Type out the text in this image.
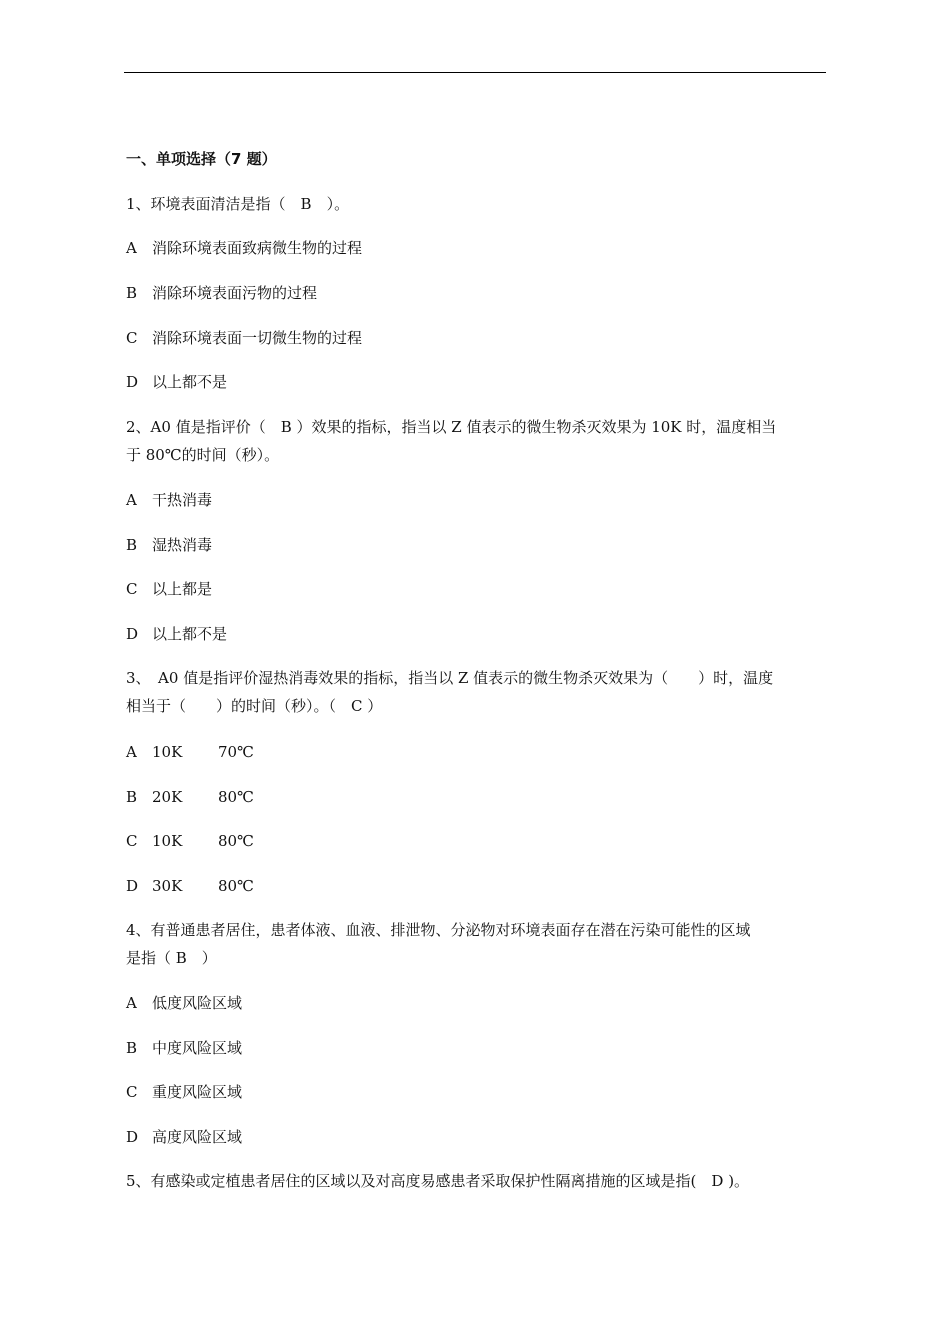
一、单项选择（7 题）
1、环境表面清洁是指（　B　）。
A 消除环境表面致病微生物的过程
B 消除环境表面污物的过程
C 消除环境表面一切微生物的过程
D 以上都不是
2、A0 值是指评价（　B ）效果的指标，指当以 Z 值表示的微生物杀灭效果为 10K 时，温度相当
于 80℃的时间（秒）。
A 干热消毒
B 湿热消毒
C 以上都是
D 以上都不是
3、　A0 值是指评价湿热消毒效果的指标，指当以 Z 值表示的微生物杀灭效果为（　　）时，温度
相当于（　　）的时间（秒）。（　C ）
A 10K 70℃
B 20K 80℃
C 10K 80℃
D 30K 80℃
4、有普通患者居住，患者体液、血液、排泄物、分泌物对环境表面存在潜在污染可能性的区域
是指（ B　）
A 低度风险区域
B 中度风险区域
C 重度风险区域
D 高度风险区域
5、有感染或定植患者居住的区域以及对高度易感患者采取保护性隔离措施的区域是指(　D )。
